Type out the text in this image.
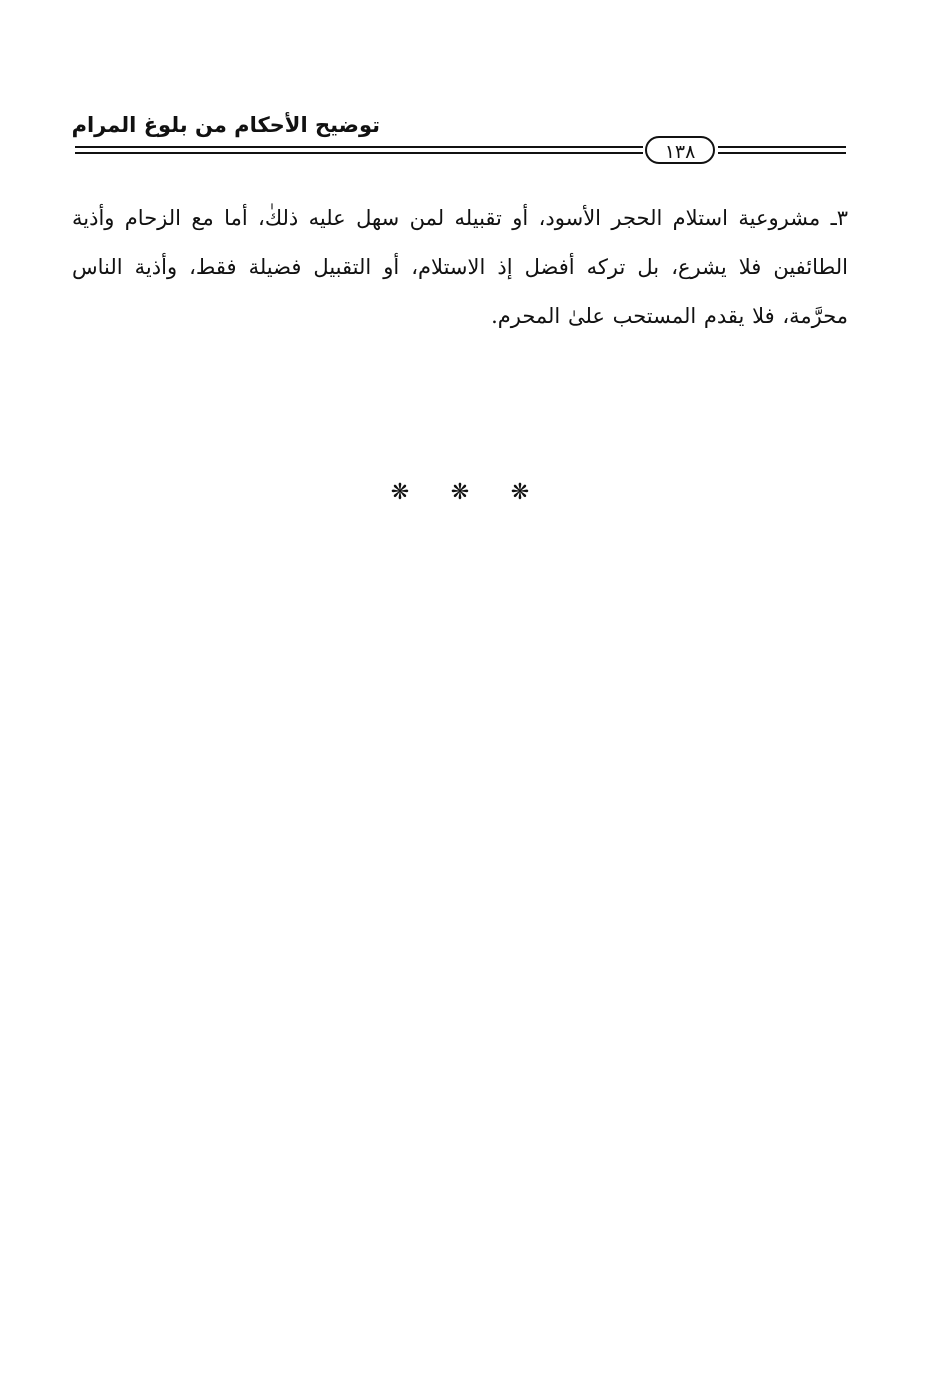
توضيح الأحكام من بلوغ المرام
١٣٨
٣ـ مشروعية استلام الحجر الأسود، أو تقبيله لمن سهل عليه ذلكٰ، أما مع الزحام وأذية الطائفين فلا يشرع، بل تركه أفضل إذ الاستلام، أو التقبيل فضيلة فقط، وأذية الناس محرَّمة، فلا يقدم المستحب علىٰ المحرم.
❋	❋	❋
